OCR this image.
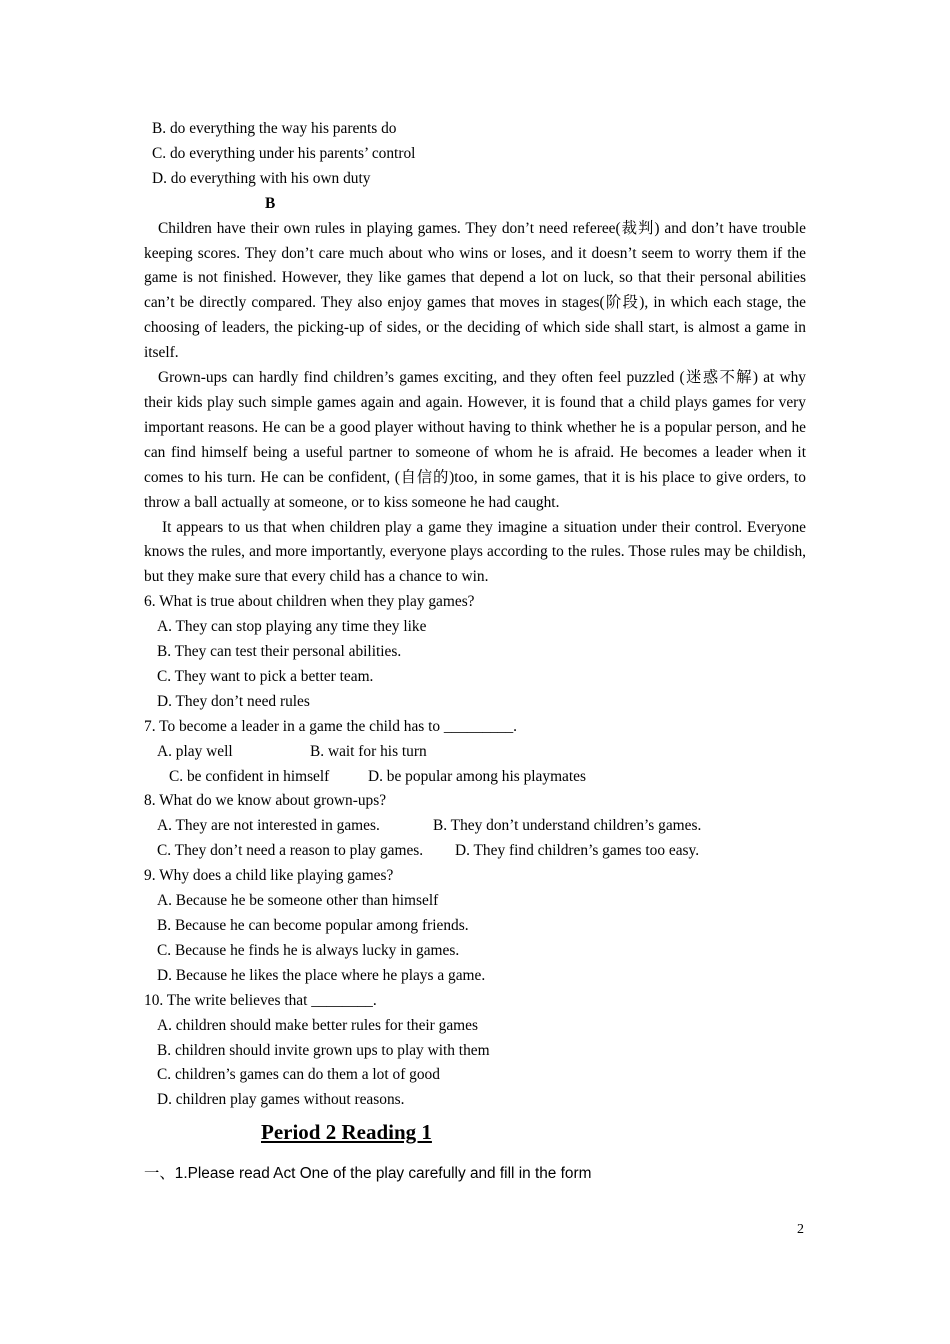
B. do everything the way his parents do

C. do everything under his parents’ control

D. do everything with his own duty

B

Children have their own rules in playing games. They don’t need referee(裁判) and don’t have trouble keeping scores. They don’t care much about who wins or loses, and it doesn’t seem to worry them if the game is not finished. However, they like games that depend a lot on luck, so that their personal abilities can’t be directly compared. They also enjoy games that moves in stages(阶段), in which each stage, the choosing of leaders, the picking-up of sides, or the deciding of which side shall start, is almost a game in itself.

Grown-ups can hardly find children’s games exciting, and they often feel puzzled (迷惑不解) at why their kids play such simple games again and again. However, it is found that a child plays games for very important reasons. He can be a good player without having to think whether he is a popular person, and he can find himself being a useful partner to someone of whom he is afraid. He becomes a leader when it comes to his turn. He can be confident, (自信的)too, in some games, that it is his place to give orders, to throw a ball actually at someone, or to kiss someone he had caught.

It appears to us that when children play a game they imagine a situation under their control. Everyone knows the rules, and more importantly, everyone plays according to the rules. Those rules may be childish, but they make sure that every child has a chance to win.

6. What is true about children when they play games?

A. They can stop playing any time they like

B. They can test their personal abilities.

C. They want to pick a better team.

D. They don’t need rules

7. To become a leader in a game the child has to _________.

A. play well	B. wait for his turn
C. be confident in himself	D. be popular among his playmates

8. What do we know about grown-ups?

A. They are not interested in games.	B. They don’t understand children’s games.
C. They don’t need a reason to play games.	D. They find children’s games too easy.

9. Why does a child like playing games?

A. Because he be someone other than himself

B. Because he can become popular among friends.

C. Because he finds he is always lucky in games.

D. Because he likes the place where he plays a game.

10. The write believes that ________.

A. children should make better rules for their games

B. children should invite grown ups to play with them

C. children’s games can do them a lot of good

D. children play games without reasons.

Period 2 Reading 1

一、1.Please read Act One of the play carefully and fill in the form

2
